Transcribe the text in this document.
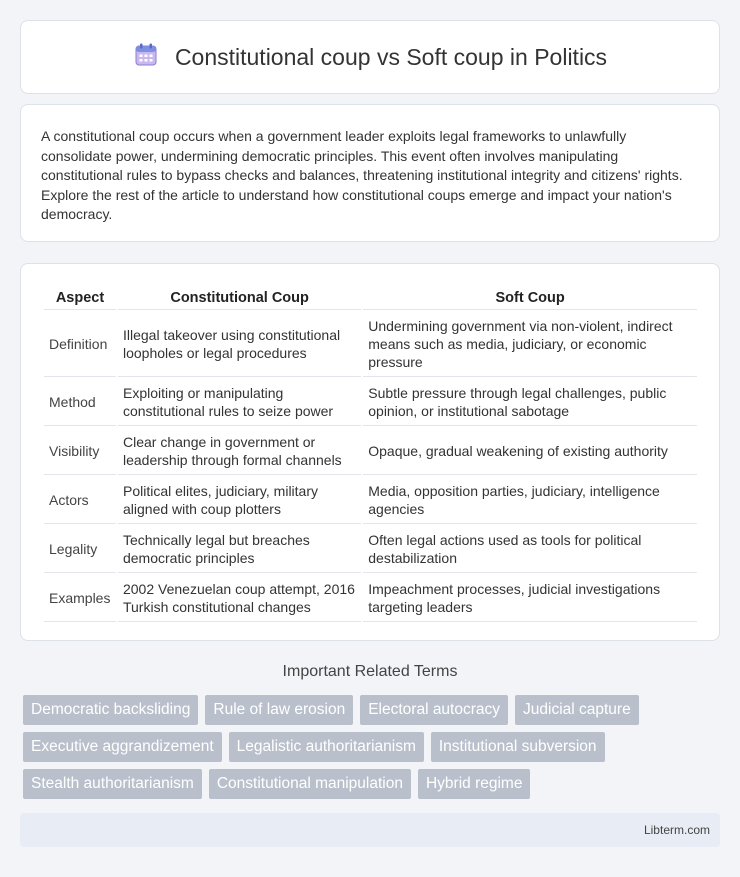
Constitutional coup vs Soft coup in Politics

A constitutional coup occurs when a government leader exploits legal frameworks to unlawfully consolidate power, undermining democratic principles. This event often involves manipulating constitutional rules to bypass checks and balances, threatening institutional integrity and citizens' rights. Explore the rest of the article to understand how constitutional coups emerge and impact your nation's democracy.

Aspect	Constitutional Coup	Soft Coup
Definition	Illegal takeover using constitutional loopholes or legal procedures	Undermining government via non-violent, indirect means such as media, judiciary, or economic pressure
Method	Exploiting or manipulating constitutional rules to seize power	Subtle pressure through legal challenges, public opinion, or institutional sabotage
Visibility	Clear change in government or leadership through formal channels	Opaque, gradual weakening of existing authority
Actors	Political elites, judiciary, military aligned with coup plotters	Media, opposition parties, judiciary, intelligence agencies
Legality	Technically legal but breaches democratic principles	Often legal actions used as tools for political destabilization
Examples	2002 Venezuelan coup attempt, 2016 Turkish constitutional changes	Impeachment processes, judicial investigations targeting leaders
Important Related Terms
Democratic backsliding	Rule of law erosion	Electoral autocracy	Judicial capture
Executive aggrandizement	Legalistic authoritarianism	Institutional subversion
Stealth authoritarianism	Constitutional manipulation	Hybrid regime
Libterm.com
